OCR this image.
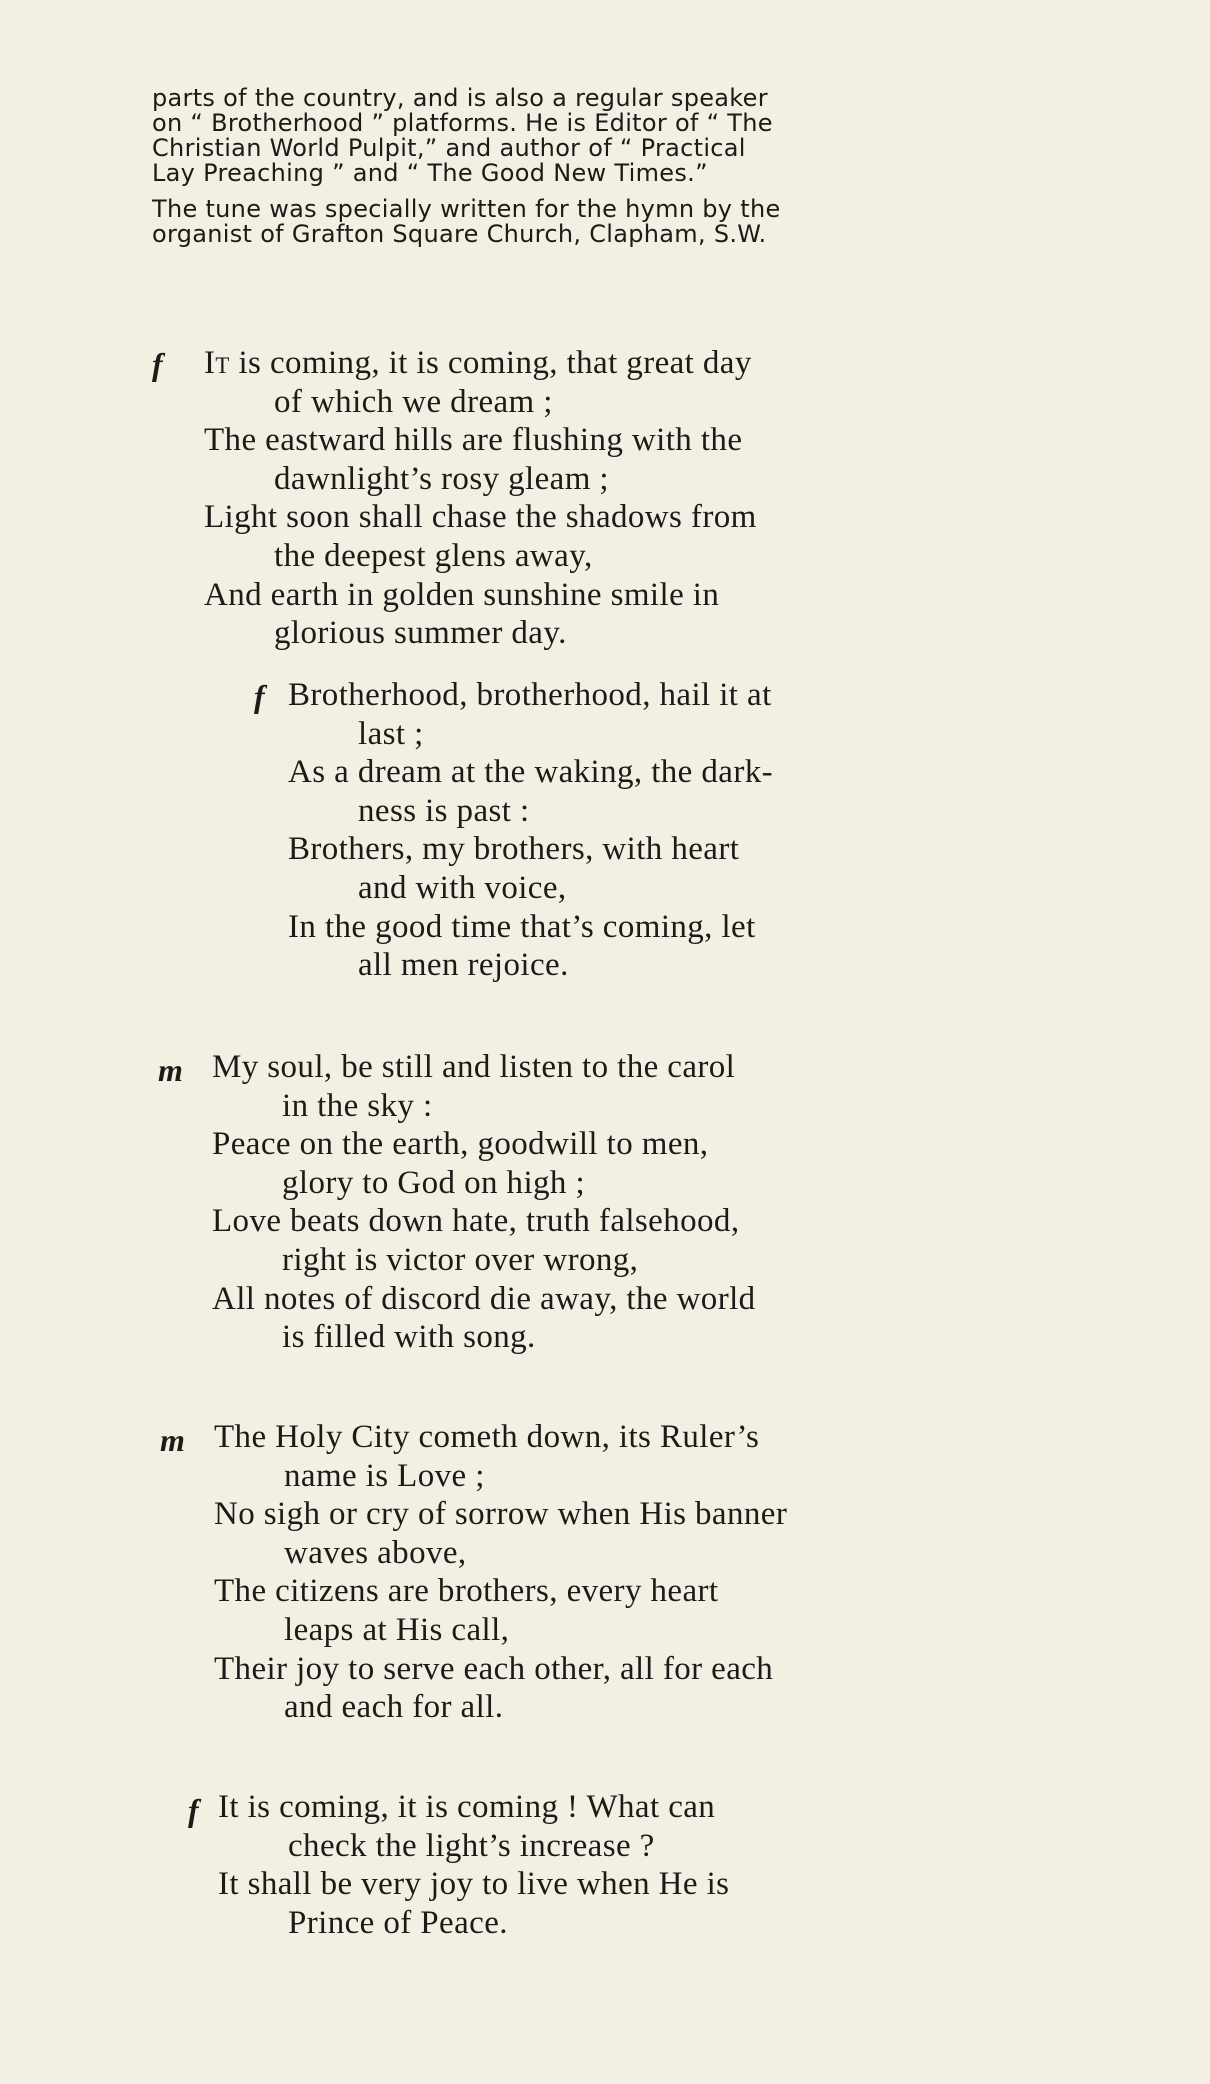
parts of the country, and is also a regular speaker
on “ Brotherhood ” platforms. He is Editor of “ The
Christian World Pulpit,” and author of “ Practical
Lay Preaching ” and “ The Good New Times.”

The tune was specially written for the hymn by the
organist of Grafton Square Church, Clapham, S.W.

f It is coming, it is coming, that great day
of which we dream ;
The eastward hills are flushing with the
dawnlight’s rosy gleam ;
Light soon shall chase the shadows from
the deepest glens away,
And earth in golden sunshine smile in
glorious summer day.
f Brotherhood, brotherhood, hail it at
last ;
As a dream at the waking, the dark-
ness is past :
Brothers, my brothers, with heart
and with voice,
In the good time that’s coming, let
all men rejoice.
m My soul, be still and listen to the carol
in the sky :
Peace on the earth, goodwill to men,
glory to God on high ;
Love beats down hate, truth falsehood,
right is victor over wrong,
All notes of discord die away, the world
is filled with song.
m The Holy City cometh down, its Ruler’s
name is Love ;
No sigh or cry of sorrow when His banner
waves above,
The citizens are brothers, every heart
leaps at His call,
Their joy to serve each other, all for each
and each for all.
f It is coming, it is coming ! What can
check the light’s increase ?
It shall be very joy to live when He is
Prince of Peace.
